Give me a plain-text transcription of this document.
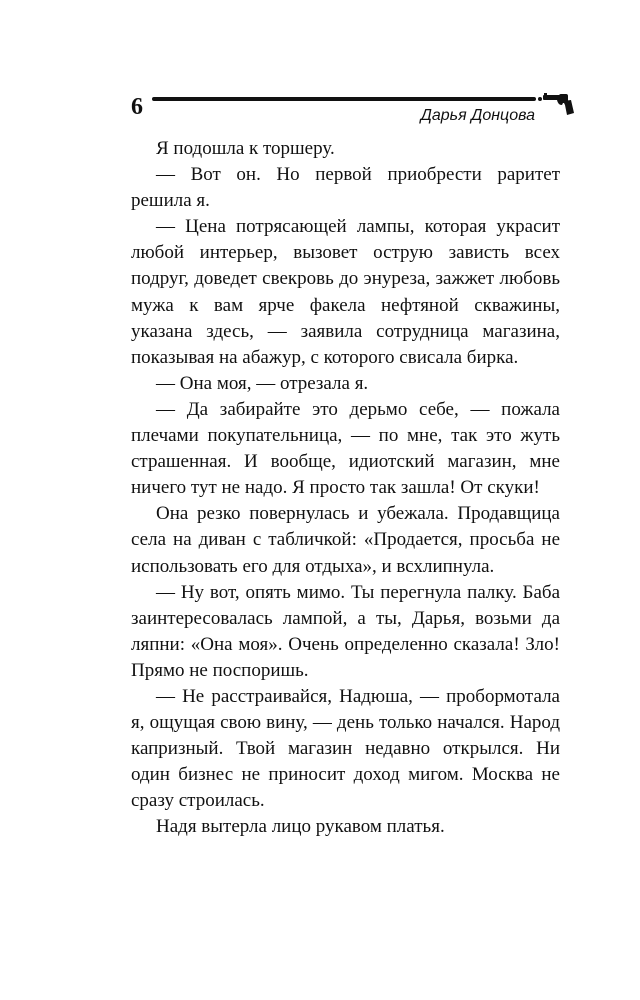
6	Дарья Донцова

Я подошла к торшеру.

— Вот он. Но первой приобрести раритет решила я.

— Цена потрясающей лампы, которая украсит любой интерьер, вызовет острую зависть всех подруг, доведет свекровь до энуреза, зажжет любовь мужа к вам ярче факела нефтяной скважины, указана здесь, — заявила сотрудница магазина, показывая на абажур, с которого свисала бирка.

— Она моя, — отрезала я.

— Да забирайте это дерьмо себе, — пожала плечами покупательница, — по мне, так это жуть страшенная. И вообще, идиотский магазин, мне ничего тут не надо. Я просто так зашла! От скуки!

Она резко повернулась и убежала. Продавщица села на диван с табличкой: «Продается, просьба не использовать его для отдыха», и всхлипнула.

— Ну вот, опять мимо. Ты перегнула палку. Баба заинтересовалась лампой, а ты, Дарья, возьми да ляпни: «Она моя». Очень определенно сказала! Зло! Прямо не поспоришь.

— Не расстраивайся, Надюша, — пробормотала я, ощущая свою вину, — день только начался. Народ капризный. Твой магазин недавно открылся. Ни один бизнес не приносит доход мигом. Москва не сразу строилась.

Надя вытерла лицо рукавом платья.
